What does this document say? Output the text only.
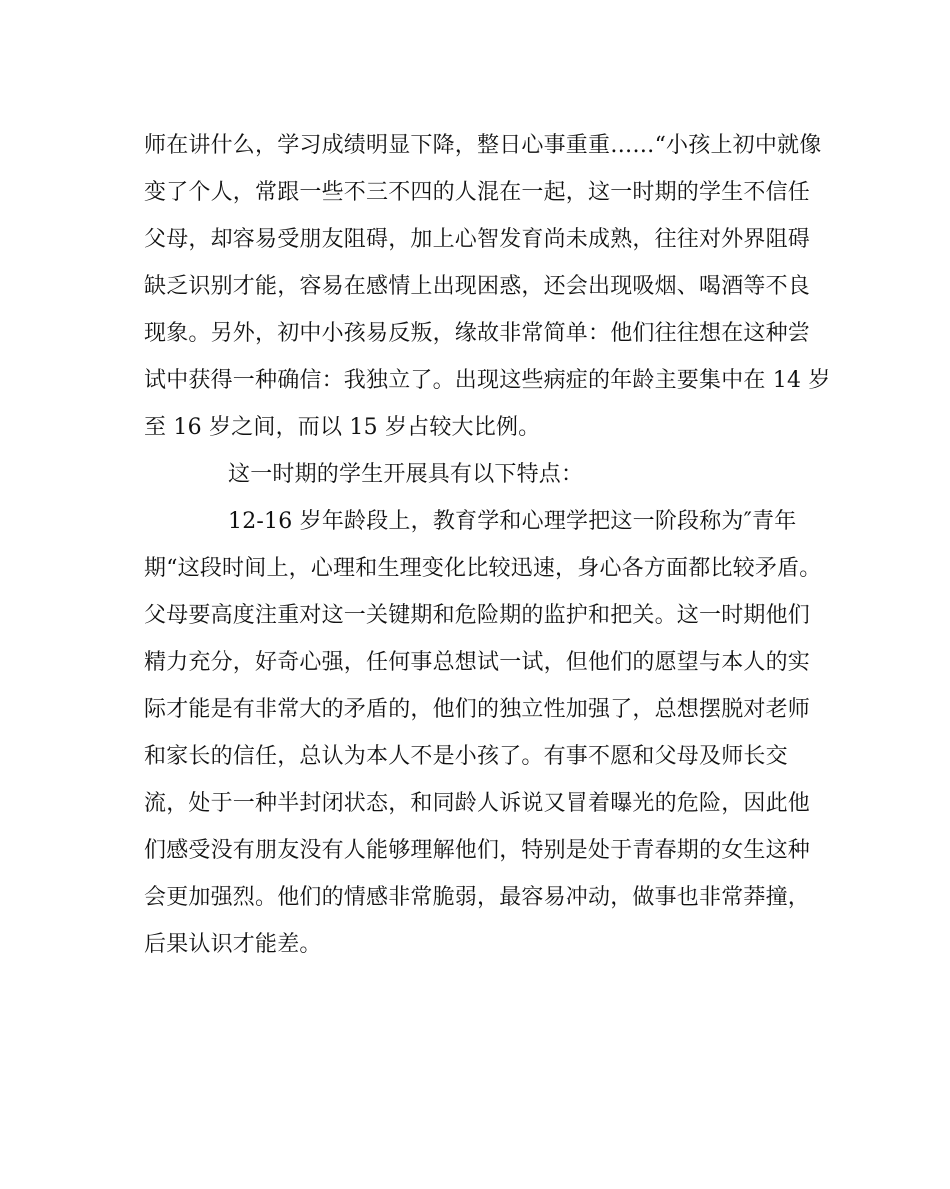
师在讲什么，学习成绩明显下降，整日心事重重……“小孩上初中就像
变了个人，常跟一些不三不四的人混在一起，这一时期的学生不信任
父母，却容易受朋友阻碍，加上心智发育尚未成熟，往往对外界阻碍
缺乏识别才能，容易在感情上出现困惑，还会出现吸烟、喝酒等不良
现象。另外，初中小孩易反叛，缘故非常简单：他们往往想在这种尝
试中获得一种确信：我独立了。出现这些病症的年龄主要集中在 14 岁
至 16 岁之间，而以 15 岁占较大比例。
这一时期的学生开展具有以下特点：
12-16 岁年龄段上，教育学和心理学把这一阶段称为″青年
期“这段时间上，心理和生理变化比较迅速，身心各方面都比较矛盾。
父母要高度注重对这一关键期和危险期的监护和把关。这一时期他们
精力充分，好奇心强，任何事总想试一试，但他们的愿望与本人的实
际才能是有非常大的矛盾的，他们的独立性加强了，总想摆脱对老师
和家长的信任，总认为本人不是小孩了。有事不愿和父母及师长交
流，处于一种半封闭状态，和同龄人诉说又冒着曝光的危险，因此他
们感受没有朋友没有人能够理解他们，特别是处于青春期的女生这种
会更加强烈。他们的情感非常脆弱，最容易冲动，做事也非常莽撞，
后果认识才能差。
